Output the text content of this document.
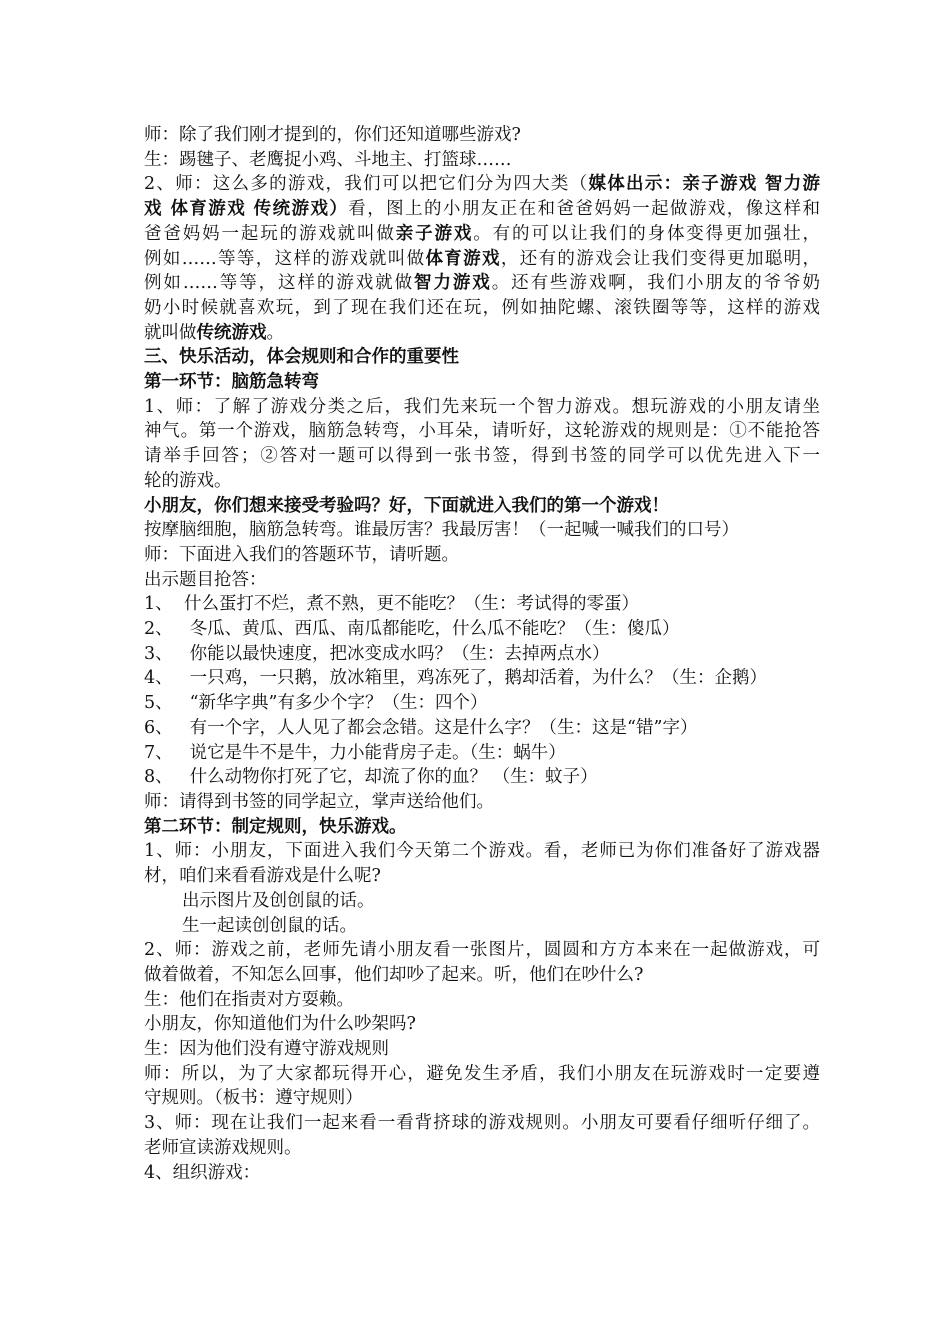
师：除了我们刚才提到的，你们还知道哪些游戏?
生：踢毽子、老鹰捉小鸡、斗地主、打篮球……
2、师：这么多的游戏，我们可以把它们分为四大类（媒体出示：亲子游戏 智力游
戏 体育游戏 传统游戏）看，图上的小朋友正在和爸爸妈妈一起做游戏，像这样和
爸爸妈妈一起玩的游戏就叫做亲子游戏。有的可以让我们的身体变得更加强壮，
例如……等等，这样的游戏就叫做体育游戏，还有的游戏会让我们变得更加聪明，
例如……等等，这样的游戏就做智力游戏。还有些游戏啊，我们小朋友的爷爷奶
奶小时候就喜欢玩，到了现在我们还在玩，例如抽陀螺、滚铁圈等等，这样的游戏
就叫做传统游戏。
三、快乐活动，体会规则和合作的重要性
第一环节：脑筋急转弯
1、师：了解了游戏分类之后，我们先来玩一个智力游戏。想玩游戏的小朋友请坐
神气。第一个游戏，脑筋急转弯，小耳朵，请听好，这轮游戏的规则是：①不能抢答
请举手回答；②答对一题可以得到一张书签，得到书签的同学可以优先进入下一
轮的游戏。
小朋友，你们想来接受考验吗？好，下面就进入我们的第一个游戏！
按摩脑细胞，脑筋急转弯。谁最厉害？我最厉害！（一起喊一喊我们的口号）
师：下面进入我们的答题环节，请听题。
出示题目抢答：
1、 什么蛋打不烂，煮不熟，更不能吃？（生：考试得的零蛋）
2、 冬瓜、黄瓜、西瓜、南瓜都能吃，什么瓜不能吃？（生：傻瓜）
3、 你能以最快速度，把冰变成水吗？（生：去掉两点水）
4、 一只鸡，一只鹅，放冰箱里，鸡冻死了，鹅却活着，为什么？（生：企鹅）
5、 “新华字典”有多少个字？（生：四个）
6、 有一个字，人人见了都会念错。这是什么字？（生：这是“错”字）
7、 说它是牛不是牛，力小能背房子走。（生：蜗牛）
8、 什么动物你打死了它，却流了你的血？ （生：蚊子）
师：请得到书签的同学起立，掌声送给他们。
第二环节：制定规则，快乐游戏。
1、师：小朋友，下面进入我们今天第二个游戏。看，老师已为你们准备好了游戏器
材，咱们来看看游戏是什么呢?
出示图片及创创鼠的话。
生一起读创创鼠的话。
2、师：游戏之前，老师先请小朋友看一张图片，圆圆和方方本来在一起做游戏，可
做着做着，不知怎么回事，他们却吵了起来。听，他们在吵什么?
生：他们在指责对方耍赖。
小朋友，你知道他们为什么吵架吗?
生：因为他们没有遵守游戏规则
师：所以，为了大家都玩得开心，避免发生矛盾，我们小朋友在玩游戏时一定要遵
守规则。（板书：遵守规则）
3、师：现在让我们一起来看一看背挤球的游戏规则。小朋友可要看仔细听仔细了。
老师宣读游戏规则。
4、组织游戏：
